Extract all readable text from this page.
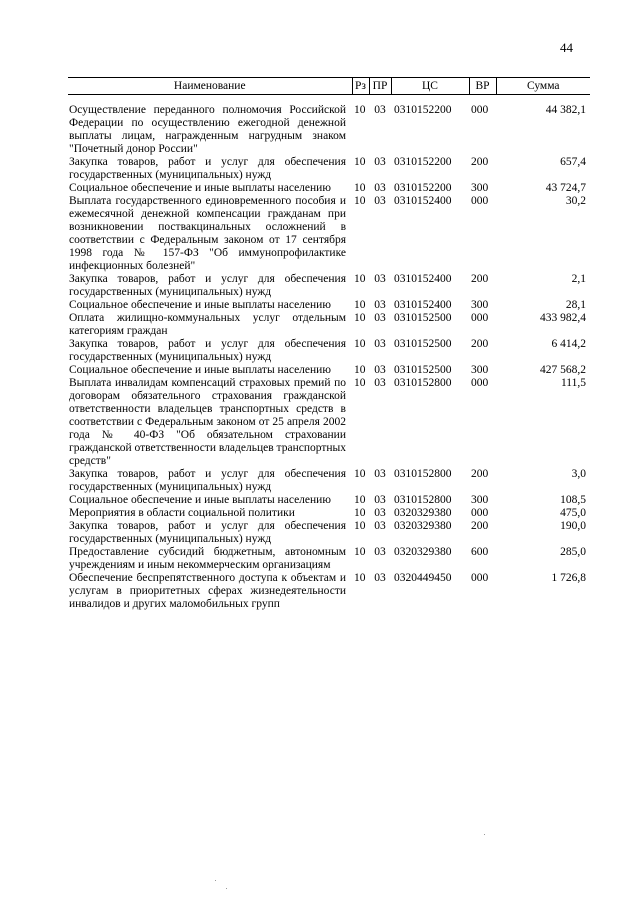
44
Наименование	Рз	ПР	ЦС	ВР	Сумма
Осуществление переданного полномочия Российской Федерации по осуществлению ежегодной денежной выплаты лицам, награжденным нагрудным знаком "Почетный донор России"	10	03	0310152200	000	44 382,1
Закупка товаров, работ и услуг для обеспечения государственных (муниципальных) нужд	10	03	0310152200	200	657,4
Социальное обеспечение и иные выплаты населению	10	03	0310152200	300	43 724,7
Выплата государственного единовременного пособия и ежемесячной денежной компенсации гражданам при возникновении поствакцинальных осложнений в соответствии с Федеральным законом от 17 сентября 1998 года № 157-ФЗ "Об иммунопрофилактике инфекционных болезней"	10	03	0310152400	000	30,2
Закупка товаров, работ и услуг для обеспечения государственных (муниципальных) нужд	10	03	0310152400	200	2,1
Социальное обеспечение и иные выплаты населению	10	03	0310152400	300	28,1
Оплата жилищно-коммунальных услуг отдельным категориям граждан	10	03	0310152500	000	433 982,4
Закупка товаров, работ и услуг для обеспечения государственных (муниципальных) нужд	10	03	0310152500	200	6 414,2
Социальное обеспечение и иные выплаты населению	10	03	0310152500	300	427 568,2
Выплата инвалидам компенсаций страховых премий по договорам обязательного страхования гражданской ответственности владельцев транспортных средств в соответствии с Федеральным законом от 25 апреля 2002 года № 40-ФЗ "Об обязательном страховании гражданской ответственности владельцев транспортных средств"	10	03	0310152800	000	111,5
Закупка товаров, работ и услуг для обеспечения государственных (муниципальных) нужд	10	03	0310152800	200	3,0
Социальное обеспечение и иные выплаты населению	10	03	0310152800	300	108,5
Мероприятия в области социальной политики	10	03	0320329380	000	475,0
Закупка товаров, работ и услуг для обеспечения государственных (муниципальных) нужд	10	03	0320329380	200	190,0
Предоставление субсидий бюджетным, автономным учреждениям и иным некоммерческим организациям	10	03	0320329380	600	285,0
Обеспечение беспрепятственного доступа к объектам и услугам в приоритетных сферах жизнедеятельности инвалидов и других маломобильных групп	10	03	0320449450	000	1 726,8
